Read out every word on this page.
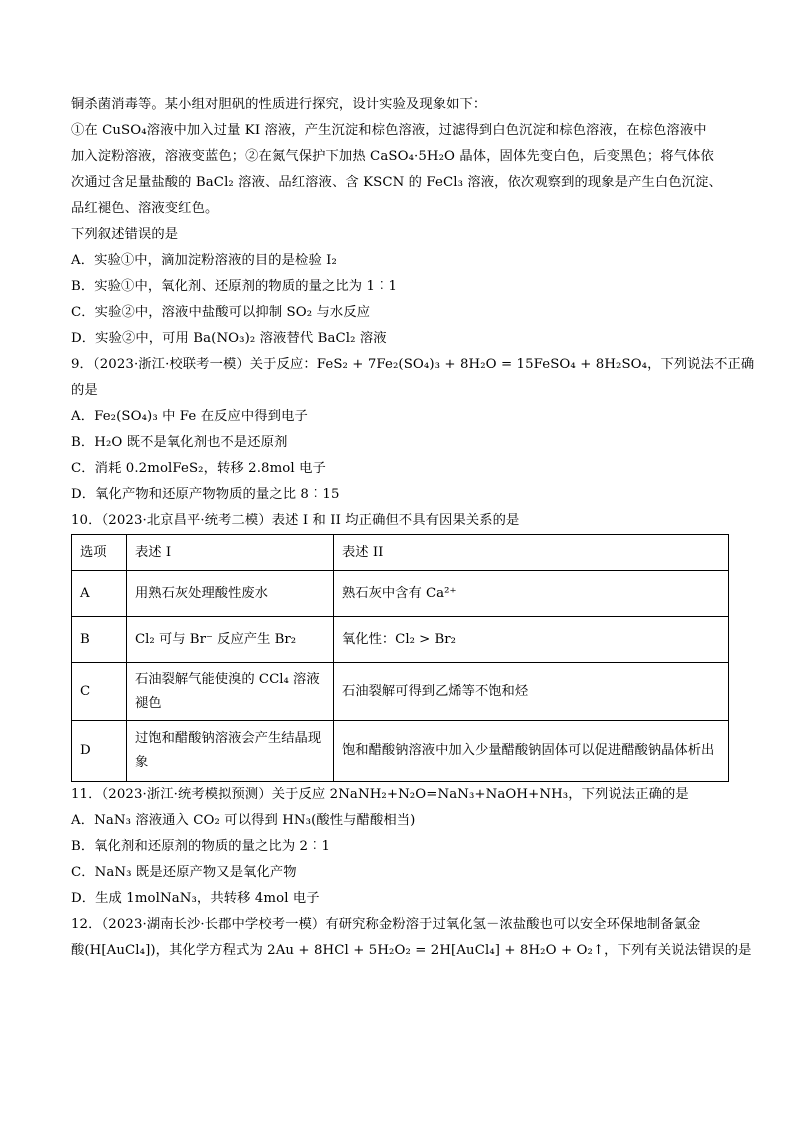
铜杀菌消毒等。某小组对胆矾的性质进行探究，设计实验及现象如下：
①在 CuSO₄溶液中加入过量 KI 溶液，产生沉淀和棕色溶液，过滤得到白色沉淀和棕色溶液，在棕色溶液中
加入淀粉溶液，溶液变蓝色；②在氮气保护下加热 CaSO₄·5H₂O 晶体，固体先变白色，后变黑色；将气体依
次通过含足量盐酸的 BaCl₂ 溶液、品红溶液、含 KSCN 的 FeCl₃ 溶液，依次观察到的现象是产生白色沉淀、
品红褪色、溶液变红色。
下列叙述错误的是
A．实验①中，滴加淀粉溶液的目的是检验 I₂
B．实验①中，氧化剂、还原剂的物质的量之比为 1︰1
C．实验②中，溶液中盐酸可以抑制 SO₂ 与水反应
D．实验②中，可用 Ba(NO₃)₂ 溶液替代 BaCl₂ 溶液
9．（2023·浙江·校联考一模）关于反应：FeS₂ + 7Fe₂(SO₄)₃ + 8H₂O = 15FeSO₄ + 8H₂SO₄，下列说法不正确
的是
A．Fe₂(SO₄)₃ 中 Fe 在反应中得到电子
B．H₂O 既不是氧化剂也不是还原剂
C．消耗 0.2molFeS₂，转移 2.8mol 电子
D．氧化产物和还原产物物质的量之比 8︰15
10．（2023·北京昌平·统考二模）表述 I 和 II 均正确但不具有因果关系的是
选项	表述 I	表述 II
A	用熟石灰处理酸性废水	熟石灰中含有 Ca²⁺
B	Cl₂ 可与 Br⁻ 反应产生 Br₂	氧化性：Cl₂ > Br₂
C	石油裂解气能使溴的 CCl₄ 溶液褪色	石油裂解可得到乙烯等不饱和烃
D	过饱和醋酸钠溶液会产生结晶现象	饱和醋酸钠溶液中加入少量醋酸钠固体可以促进醋酸钠晶体析出
11．（2023·浙江·统考模拟预测）关于反应 2NaNH₂+N₂O=NaN₃+NaOH+NH₃，下列说法正确的是
A．NaN₃ 溶液通入 CO₂ 可以得到 HN₃(酸性与醋酸相当)
B．氧化剂和还原剂的物质的量之比为 2︰1
C．NaN₃ 既是还原产物又是氧化产物
D．生成 1molNaN₃，共转移 4mol 电子
12．（2023·湖南长沙·长郡中学校考一模）有研究称金粉溶于过氧化氢－浓盐酸也可以安全环保地制备氯金
酸(H[AuCl₄])，其化学方程式为 2Au + 8HCl + 5H₂O₂ = 2H[AuCl₄] + 8H₂O + O₂↑，下列有关说法错误的是
